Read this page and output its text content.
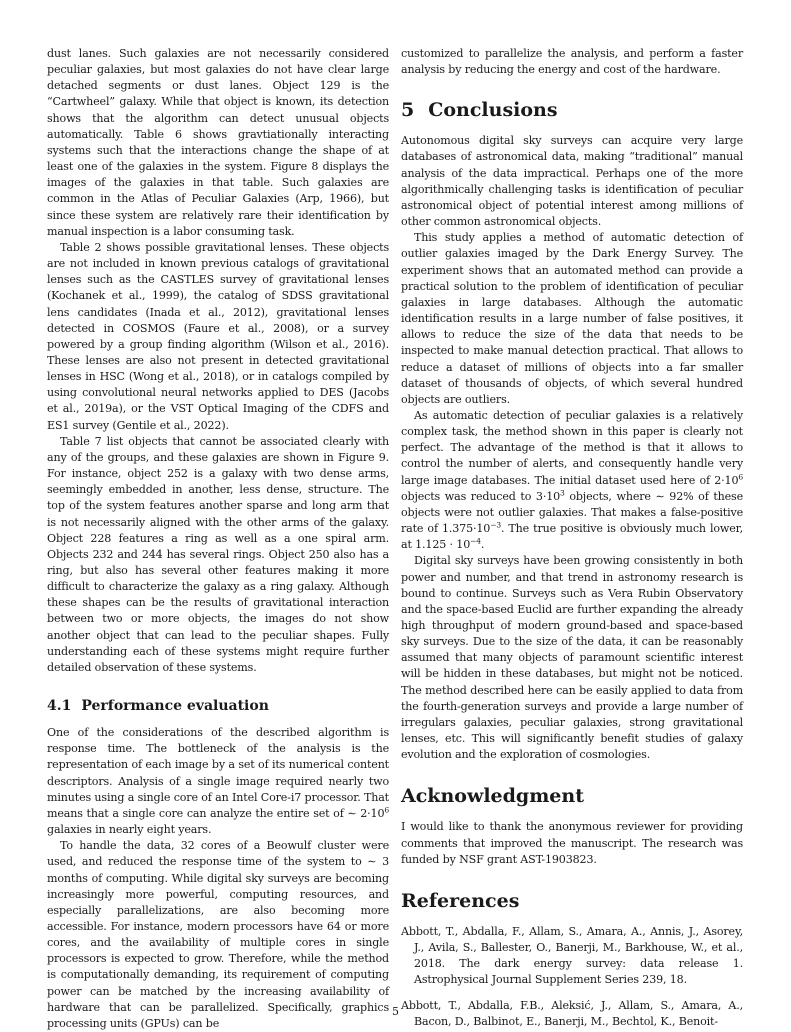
dust lanes. Such galaxies are not necessarily considered peculiar galaxies, but most galaxies do not have clear large detached segments or dust lanes. Object 129 is the “Cartwheel” galaxy. While that object is known, its detection shows that the algorithm can detect unusual objects automatically. Table 6 shows gravtiationally interacting systems such that the interactions change the shape of at least one of the galaxies in the system. Figure 8 displays the images of the galaxies in that table. Such galaxies are common in the Atlas of Peculiar Galaxies (Arp, 1966), but since these system are relatively rare their identification by manual inspection is a labor consuming task.

Table 2 shows possible gravitational lenses. These objects are not included in known previous catalogs of gravitational lenses such as the CASTLES survey of gravitational lenses (Kochanek et al., 1999), the catalog of SDSS gravitational lens candidates (Inada et al., 2012), gravitational lenses detected in COSMOS (Faure et al., 2008), or a survey powered by a group finding algorithm (Wilson et al., 2016). These lenses are also not present in detected gravitational lenses in HSC (Wong et al., 2018), or in catalogs compiled by using convolutional neural networks applied to DES (Jacobs et al., 2019a), or the VST Optical Imaging of the CDFS and ES1 survey (Gentile et al., 2022).

Table 7 list objects that cannot be associated clearly with any of the groups, and these galaxies are shown in Figure 9. For instance, object 252 is a galaxy with two dense arms, seemingly embedded in another, less dense, structure. The top of the system features another sparse and long arm that is not necessarily aligned with the other arms of the galaxy. Object 228 features a ring as well as a one spiral arm. Objects 232 and 244 has several rings. Object 250 also has a ring, but also has several other features making it more difficult to characterize the galaxy as a ring galaxy. Although these shapes can be the results of gravitational interaction between two or more objects, the images do not show another object that can lead to the peculiar shapes. Fully understanding each of these systems might require further detailed observation of these systems.

4.1 Performance evaluation

One of the considerations of the described algorithm is response time. The bottleneck of the analysis is the representation of each image by a set of its numerical content descriptors. Analysis of a single image required nearly two minutes using a single core of an Intel Core-i7 processor. That means that a single core can analyze the entire set of ∼ $2\cdot 10^6$ galaxies in nearly eight years.

To handle the data, 32 cores of a Beowulf cluster were used, and reduced the response time of the system to ∼ 3 months of computing. While digital sky surveys are becoming increasingly more powerful, computing resources, and especially parallelizations, are also becoming more accessible. For instance, modern processors have 64 or more cores, and the availability of multiple cores in single processors is expected to grow. Therefore, while the method is computationally demanding, its requirement of computing power can be matched by the increasing availability of hardware that can be parallelized. Specifically, graphics processing units (GPUs) can be

customized to parallelize the analysis, and perform a faster analysis by reducing the energy and cost of the hardware.

5 Conclusions

Autonomous digital sky surveys can acquire very large databases of astronomical data, making “traditional” manual analysis of the data impractical. Perhaps one of the more algorithmically challenging tasks is identification of peculiar astronomical object of potential interest among millions of other common astronomical objects.

This study applies a method of automatic detection of outlier galaxies imaged by the Dark Energy Survey. The experiment shows that an automated method can provide a practical solution to the problem of identification of peculiar galaxies in large databases. Although the automatic identification results in a large number of false positives, it allows to reduce the size of the data that needs to be inspected to make manual detection practical. That allows to reduce a dataset of millions of objects into a far smaller dataset of thousands of objects, of which several hundred objects are outliers.

As automatic detection of peculiar galaxies is a relatively complex task, the method shown in this paper is clearly not perfect. The advantage of the method is that it allows to control the number of alerts, and consequently handle very large image databases. The initial dataset used here of $2\cdot 10^6$ objects was reduced to $3\cdot 10^3$ objects, where ∼ 92% of these objects were not outlier galaxies. That makes a false-positive rate of $1.375\cdot 10^{-3}$. The true positive is obviously much lower, at $1.125 \cdot 10^{-4}$.

Digital sky surveys have been growing consistently in both power and number, and that trend in astronomy research is bound to continue. Surveys such as Vera Rubin Observatory and the space-based Euclid are further expanding the already high throughput of modern ground-based and space-based sky surveys. Due to the size of the data, it can be reasonably assumed that many objects of paramount scientific interest will be hidden in these databases, but might not be noticed. The method described here can be easily applied to data from the fourth-generation surveys and provide a large number of irregulars galaxies, peculiar galaxies, strong gravitational lenses, etc. This will significantly benefit studies of galaxy evolution and the exploration of cosmologies.

Acknowledgment

I would like to thank the anonymous reviewer for providing comments that improved the manuscript. The research was funded by NSF grant AST-1903823.

References

Abbott, T., Abdalla, F., Allam, S., Amara, A., Annis, J., Asorey, J., Avila, S., Ballester, O., Banerji, M., Barkhouse, W., et al., 2018. The dark energy survey: data release 1. Astrophysical Journal Supplement Series 239, 18.

Abbott, T., Abdalla, F.B., Aleksić, J., Allam, S., Amara, A., Bacon, D., Balbinot, E., Banerji, M., Bechtol, K., Benoit-

5
